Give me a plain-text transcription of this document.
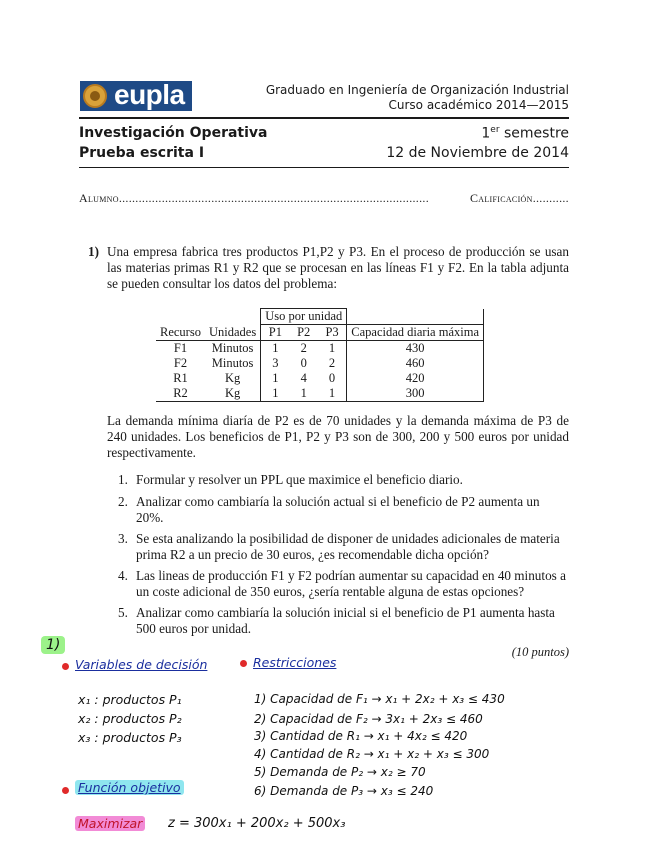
eupla	Graduado en Ingeniería de Organización Industrial
Curso académico 2014—2015
Investigación Operativa
Prueba escrita I
1er semestre
12 de Noviembre de 2014
Alumno ..............................................................................................	Calificación ...........
1) Una empresa fabrica tres productos P1,P2 y P3. En el proceso de producción se usan las materias primas R1 y R2 que se procesan en las líneas F1 y F2. En la tabla adjunta se pueden consultar los datos del problema:
		Uso por unidad			
Recurso	Unidades	P1	P2	P3	Capacidad diaria máxima
F1	Minutos	1	2	1	430
F2	Minutos	3	0	2	460
R1	Kg	1	4	0	420
R2	Kg	1	1	1	300
La demanda mínima diaría de P2 es de 70 unidades y la demanda máxima de P3 de 240 unidades. Los beneficios de P1, P2 y P3 son de 300, 200 y 500 euros por unidad respectivamente.
1. Formular y resolver un PPL que maximice el beneficio diario.
2. Analizar como cambiaría la solución actual si el beneficio de P2 aumenta un 20%.
3. Se esta analizando la posibilidad de disponer de unidades adicionales de materia prima R2 a un precio de 30 euros, ¿es recomendable dicha opción?
4. Las lineas de producción F1 y F2 podrían aumentar su capacidad en 40 minutos a un coste adicional de 350 euros, ¿sería rentable alguna de estas opciones?
5. Analizar como cambiaría la solución inicial si el beneficio de P1 aumenta hasta 500 euros por unidad.
(10 puntos)
1)
Variables de decisión	Restricciones
x₁ : productos P₁
x₂ : productos P₂
x₃ : productos P₃
1) Capacidad de F₁ → x₁ + 2x₂ + x₃ ≤ 430
2) Capacidad de F₂ → 3x₁ + 2x₃ ≤ 460
3) Cantidad de R₁ → x₁ + 4x₂ ≤ 420
4) Cantidad de R₂ → x₁ + x₂ + x₃ ≤ 300
5) Demanda de P₂ → x₂ ≥ 70
6) Demanda de P₃ → x₃ ≤ 240
Función objetivo
Maximizar z = 300x₁ + 200x₂ + 500x₃
